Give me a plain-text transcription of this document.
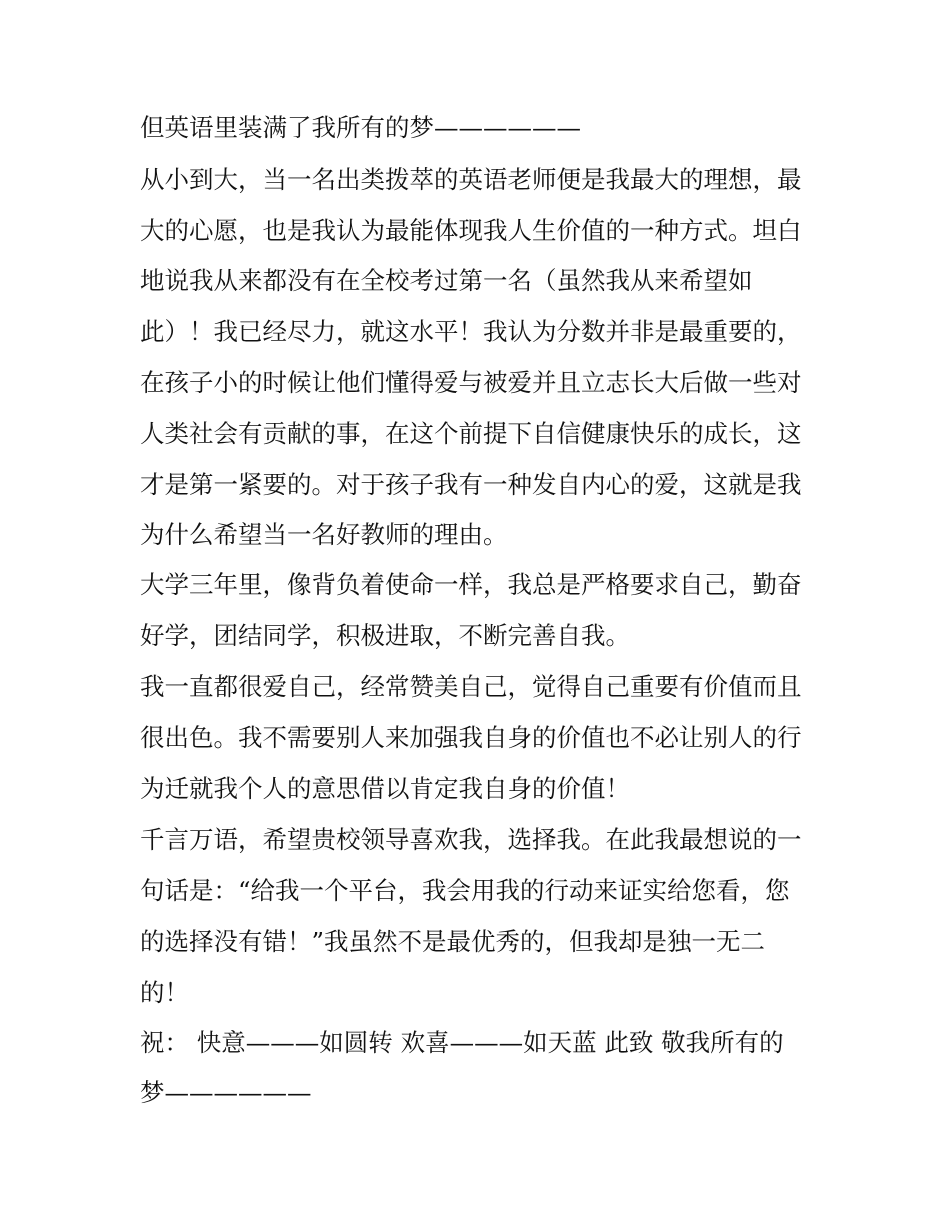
但英语里装满了我所有的梦——————
从小到大，当一名出类拨萃的英语老师便是我最大的理想，最
大的心愿，也是我认为最能体现我人生价值的一种方式。坦白
地说我从来都没有在全校考过第一名（虽然我从来希望如
此）！我已经尽力，就这水平！我认为分数并非是最重要的，
在孩子小的时候让他们懂得爱与被爱并且立志长大后做一些对
人类社会有贡献的事，在这个前提下自信健康快乐的成长，这
才是第一紧要的。对于孩子我有一种发自内心的爱，这就是我
为什么希望当一名好教师的理由。
大学三年里，像背负着使命一样，我总是严格要求自己，勤奋
好学，团结同学，积极进取，不断完善自我。
我一直都很爱自己，经常赞美自己，觉得自己重要有价值而且
很出色。我不需要别人来加强我自身的价值也不必让别人的行
为迁就我个人的意思借以肯定我自身的价值！
千言万语，希望贵校领导喜欢我，选择我。在此我最想说的一
句话是：“给我一个平台，我会用我的行动来证实给您看，您
的选择没有错！”我虽然不是最优秀的，但我却是独一无二
的！
祝： 快意———如圆转 欢喜———如天蓝 此致 敬我所有的
梦——————
